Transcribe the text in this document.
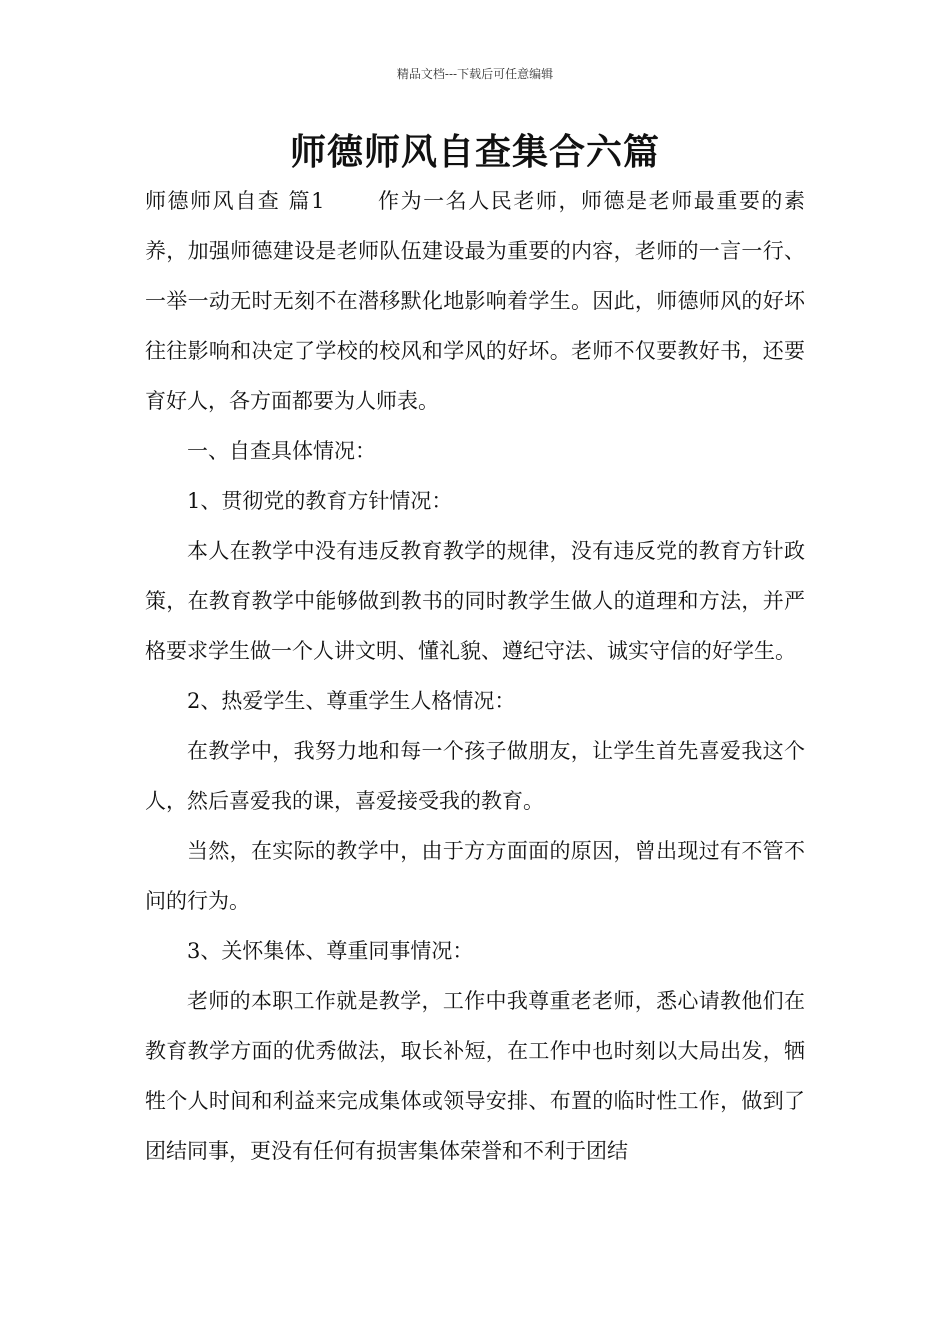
精品文档---下载后可任意编辑
师德师风自查集合六篇

师德师风自查 篇1 作为一名人民老师，师德是老师最重要的素养，加强师德建设是老师队伍建设最为重要的内容，老师的一言一行、一举一动无时无刻不在潜移默化地影响着学生。因此，师德师风的好坏往往影响和决定了学校的校风和学风的好坏。老师不仅要教好书，还要育好人，各方面都要为人师表。

一、自查具体情况：

1、贯彻党的教育方针情况：

本人在教学中没有违反教育教学的规律，没有违反党的教育方针政策，在教育教学中能够做到教书的同时教学生做人的道理和方法，并严格要求学生做一个人讲文明、懂礼貌、遵纪守法、诚实守信的好学生。

2、热爱学生、尊重学生人格情况：

在教学中，我努力地和每一个孩子做朋友，让学生首先喜爱我这个人，然后喜爱我的课，喜爱接受我的教育。

当然，在实际的教学中，由于方方面面的原因，曾出现过有不管不问的行为。

3、关怀集体、尊重同事情况：

老师的本职工作就是教学，工作中我尊重老老师，悉心请教他们在教育教学方面的优秀做法，取长补短，在工作中也时刻以大局出发，牺牲个人时间和利益来完成集体或领导安排、布置的临时性工作，做到了团结同事，更没有任何有损害集体荣誉和不利于团结
